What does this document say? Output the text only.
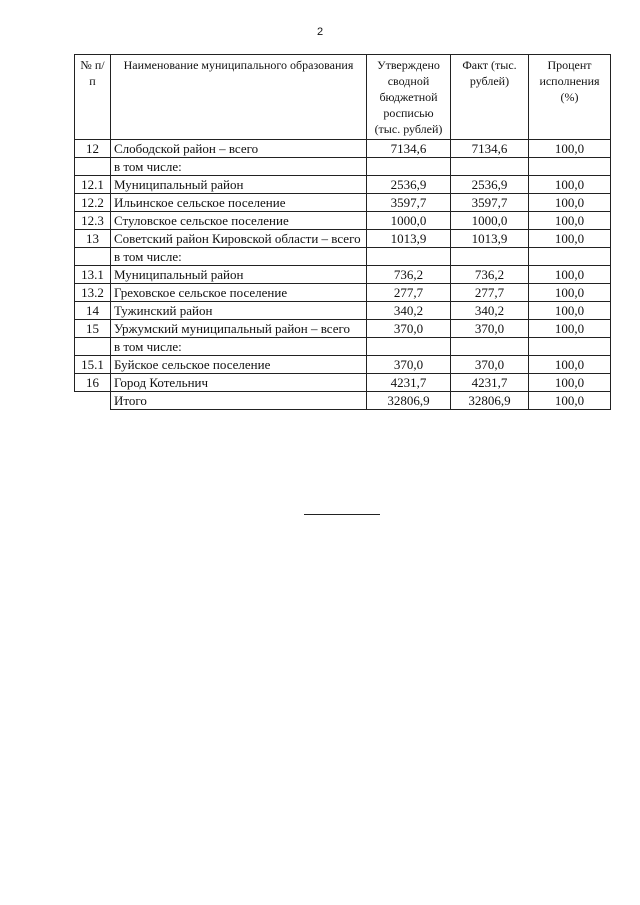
2
№ п/п	Наименование муниципального образования	Утверждено сводной бюджетной росписью (тыс. рублей)	Факт (тыс. рублей)	Процент исполнения (%)
12	Слободской район – всего	7134,6	7134,6	100,0
	в том числе:			
12.1	Муниципальный район	2536,9	2536,9	100,0
12.2	Ильинское сельское поселение	3597,7	3597,7	100,0
12.3	Стуловское сельское поселение	1000,0	1000,0	100,0
13	Советский район Кировской области – всего	1013,9	1013,9	100,0
	в том числе:			
13.1	Муниципальный район	736,2	736,2	100,0
13.2	Греховское сельское поселение	277,7	277,7	100,0
14	Тужинский район	340,2	340,2	100,0
15	Уржумский муниципальный район – всего	370,0	370,0	100,0
	в том числе:			
15.1	Буйское сельское поселение	370,0	370,0	100,0
16	Город Котельнич	4231,7	4231,7	100,0
	Итого	32806,9	32806,9	100,0
